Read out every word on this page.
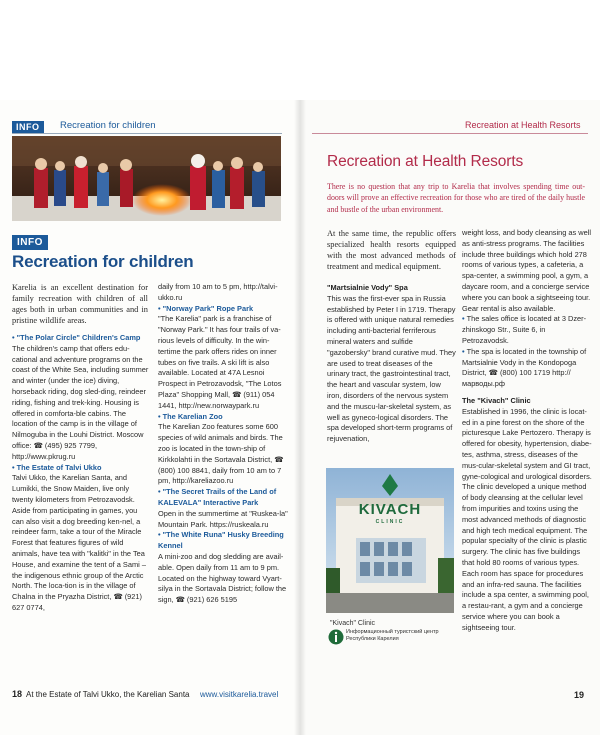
INFO	Recreation for children
INFO
Recreation for children

Karelia is an excellent destination for family recreation with children of all ages both in urban communities and in pristine wildlife areas.

• "The Polar Circle" Children's Camp

The children's camp that offers edu-cational and adventure programs on the coast of the White Sea, including summer and winter (under the ice) diving, horseback riding, dog sled-ding, reindeer riding, fishing and trek-king. Housing is offered in comforta-ble cabins. The location of the camp is in the village of Nilmoguba in the Louhi District. Moscow office: ☎ (495) 925 7799, http://www.pkrug.ru

• The Estate of Talvi Ukko

Talvi Ukko, the Karelian Santa, and Lumikki, the Snow Maiden, live only twenty kilometers from Petrozavodsk. Aside from participating in games, you can also visit a dog breeding ken-nel, a reindeer farm, take a tour of the Miracle Forest that features figures of wild animals, have tea with "kalitki" in the Tea House, and examine the tent of a Sami – the indigenous ethnic group of the Arctic North. The loca-tion is in the village of Chalna in the Pryazha District, ☎ (921) 627 0774,

daily from 10 am to 5 pm, http://talvi-ukko.ru

• "Norway Park" Rope Park

"The Karelia" park is a franchise of "Norway Park." It has four trails of va-rious levels of difficulty. In the win-tertime the park offers rides on inner tubes on five trails. A ski lift is also available. Located at 47A Lesnoi Prospect in Petrozavodsk, "The Lotos Plaza" Shopping Mall, ☎ (911) 054 1441, http://new.norwaypark.ru

• The Karelian Zoo

The Karelian Zoo features some 600 species of wild animals and birds. The zoo is located in the town-ship of Kirkkolahti in the Sortavala District, ☎ (800) 100 8841, daily from 10 am to 7 pm, http://kareliazoo.ru

• "The Secret Trails of the Land of KALEVALA" Interactive Park

Open in the summertime at "Ruskea-la" Mountain Park. https://ruskeala.ru

• "The White Runa" Husky Breeding Kennel

A mini-zoo and dog sledding are avail-able. Open daily from 11 am to 9 pm. Located on the highway toward Vyart-silya in the Sortavala District; follow the sign, ☎ (921) 626 5195

18 At the Estate of Talvi Ukko, the Karelian Santa www.visitkarelia.travel
Recreation at Health Resorts
Recreation at Health Resorts
There is no question that any trip to Karelia that involves spending time out-doors will prove an effective recreation for those who are tired of the daily hustle and bustle of the urban environment.

At the same time, the republic offers specialized health resorts equipped with the most advanced methods of treatment and medical equipment.

"Martsialnie Vody" Spa

This was the first-ever spa in Russia established by Peter I in 1719. Therapy is offered with unique natural remedies including anti-bacterial ferriferous mineral waters and sulfide "gazoberskу" brand curative mud. They are used to treat diseases of the urinary tract, the gastrointestinal tract, the heart and vascular system, low iron, disorders of the nervous system and the muscu-lar-skeletal system, as well as gyneco-logical disorders. The spa developed short-term programs of rejuvenation,

KIVACH
CLINIC
"Kivach" Clinic
Информационный туристский центр Республики Карелия

weight loss, and body cleansing as well as anti-stress programs. The facilities include three buildings which hold 278 rooms of various types, a cafeteria, a spa-center, a swimming pool, a gym, a daycare room, and a concierge service where you can book a sightseeing tour. Gear rental is also available.

• The sales office is located at 3 Dzer-zhinskogo Str., Suite 6, in Petrozavodsk.

• The spa is located in the township of Martsialnie Vody in the Kondopoga District, ☎ (800) 100 1719 http://марводы.рф

The "Kivach" Clinic

Established in 1996, the clinic is locat-ed in a pine forest on the shore of the picturesque Lake Pertozero. Therapy is offered for obesity, hypertension, diabe-tes, asthma, stress, diseases of the mus-cular-skeletal system and GI tract, gyne-cological and urological disorders. The clinic developed a unique method of body cleansing at the cellular level from impurities and toxins using the most advanced methods of diagnostic and high tech medical equipment. The popular specialty of the clinic is plastic surgery. The clinic has five buildings that hold 80 rooms of various types. Each room has space for procedures and an infra-red sauna. The facilities include a spa center, a swimming pool, a restau-rant, a gym and a concierge service where you can book a sightseeing tour.

19
